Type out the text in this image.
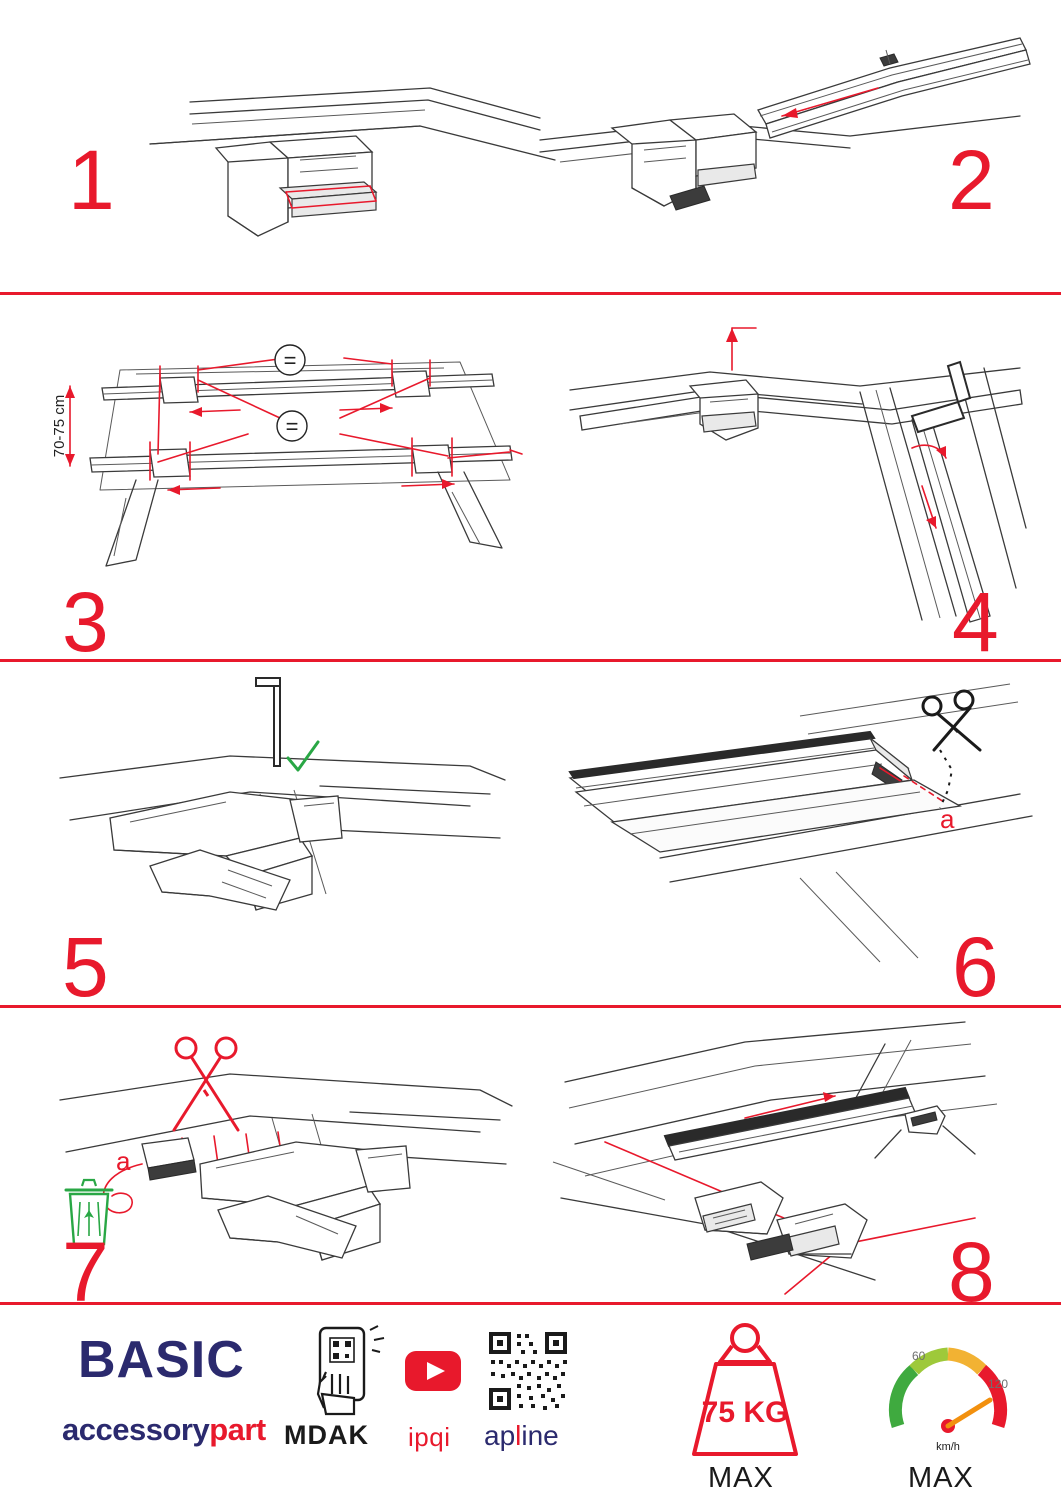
1	2
=
=
70-75 cm
3	4
5
a
6
a
7	8
BASIC
accessorypart MDAK ipqi apline
75 KG
MAX
60
120
km/h
MAX
